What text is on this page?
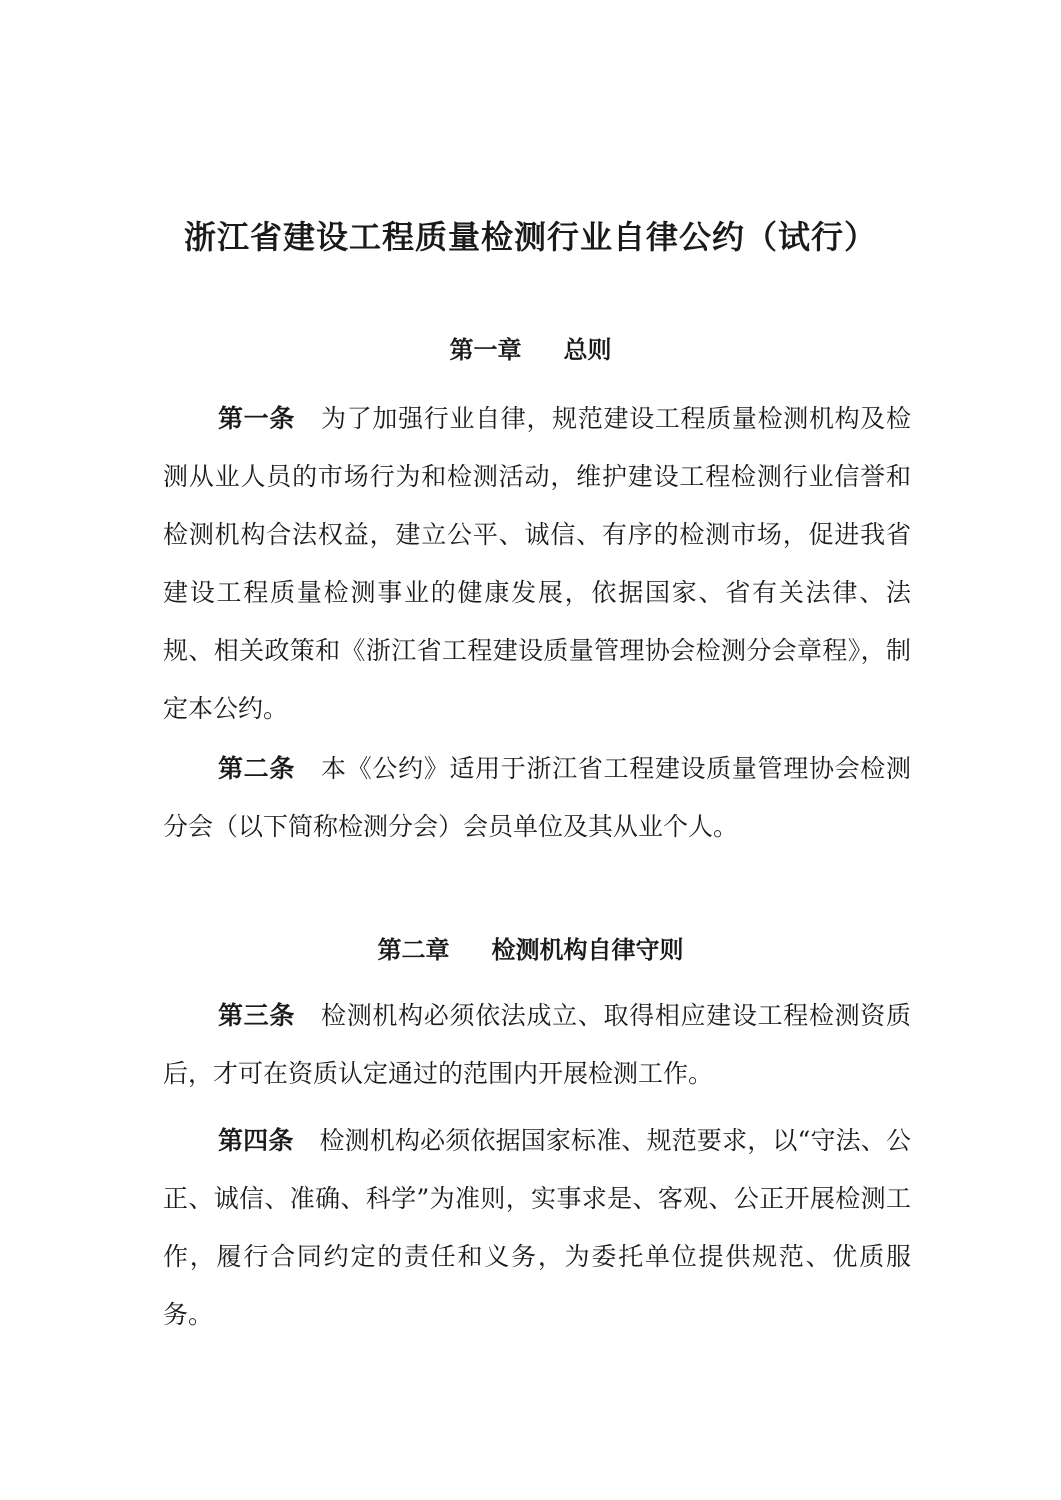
浙江省建设工程质量检测行业自律公约（试行）
第一章 总则
第一条 为了加强行业自律，规范建设工程质量检测机构及检测从业人员的市场行为和检测活动，维护建设工程检测行业信誉和检测机构合法权益，建立公平、诚信、有序的检测市场，促进我省建设工程质量检测事业的健康发展，依据国家、省有关法律、法规、相关政策和《浙江省工程建设质量管理协会检测分会章程》，制定本公约。
第二条 本《公约》适用于浙江省工程建设质量管理协会检测分会（以下简称检测分会）会员单位及其从业个人。
第二章 检测机构自律守则
第三条 检测机构必须依法成立、取得相应建设工程检测资质后，才可在资质认定通过的范围内开展检测工作。
第四条 检测机构必须依据国家标准、规范要求，以“守法、公正、诚信、准确、科学”为准则，实事求是、客观、公正开展检测工作，履行合同约定的责任和义务，为委托单位提供规范、优质服务。
